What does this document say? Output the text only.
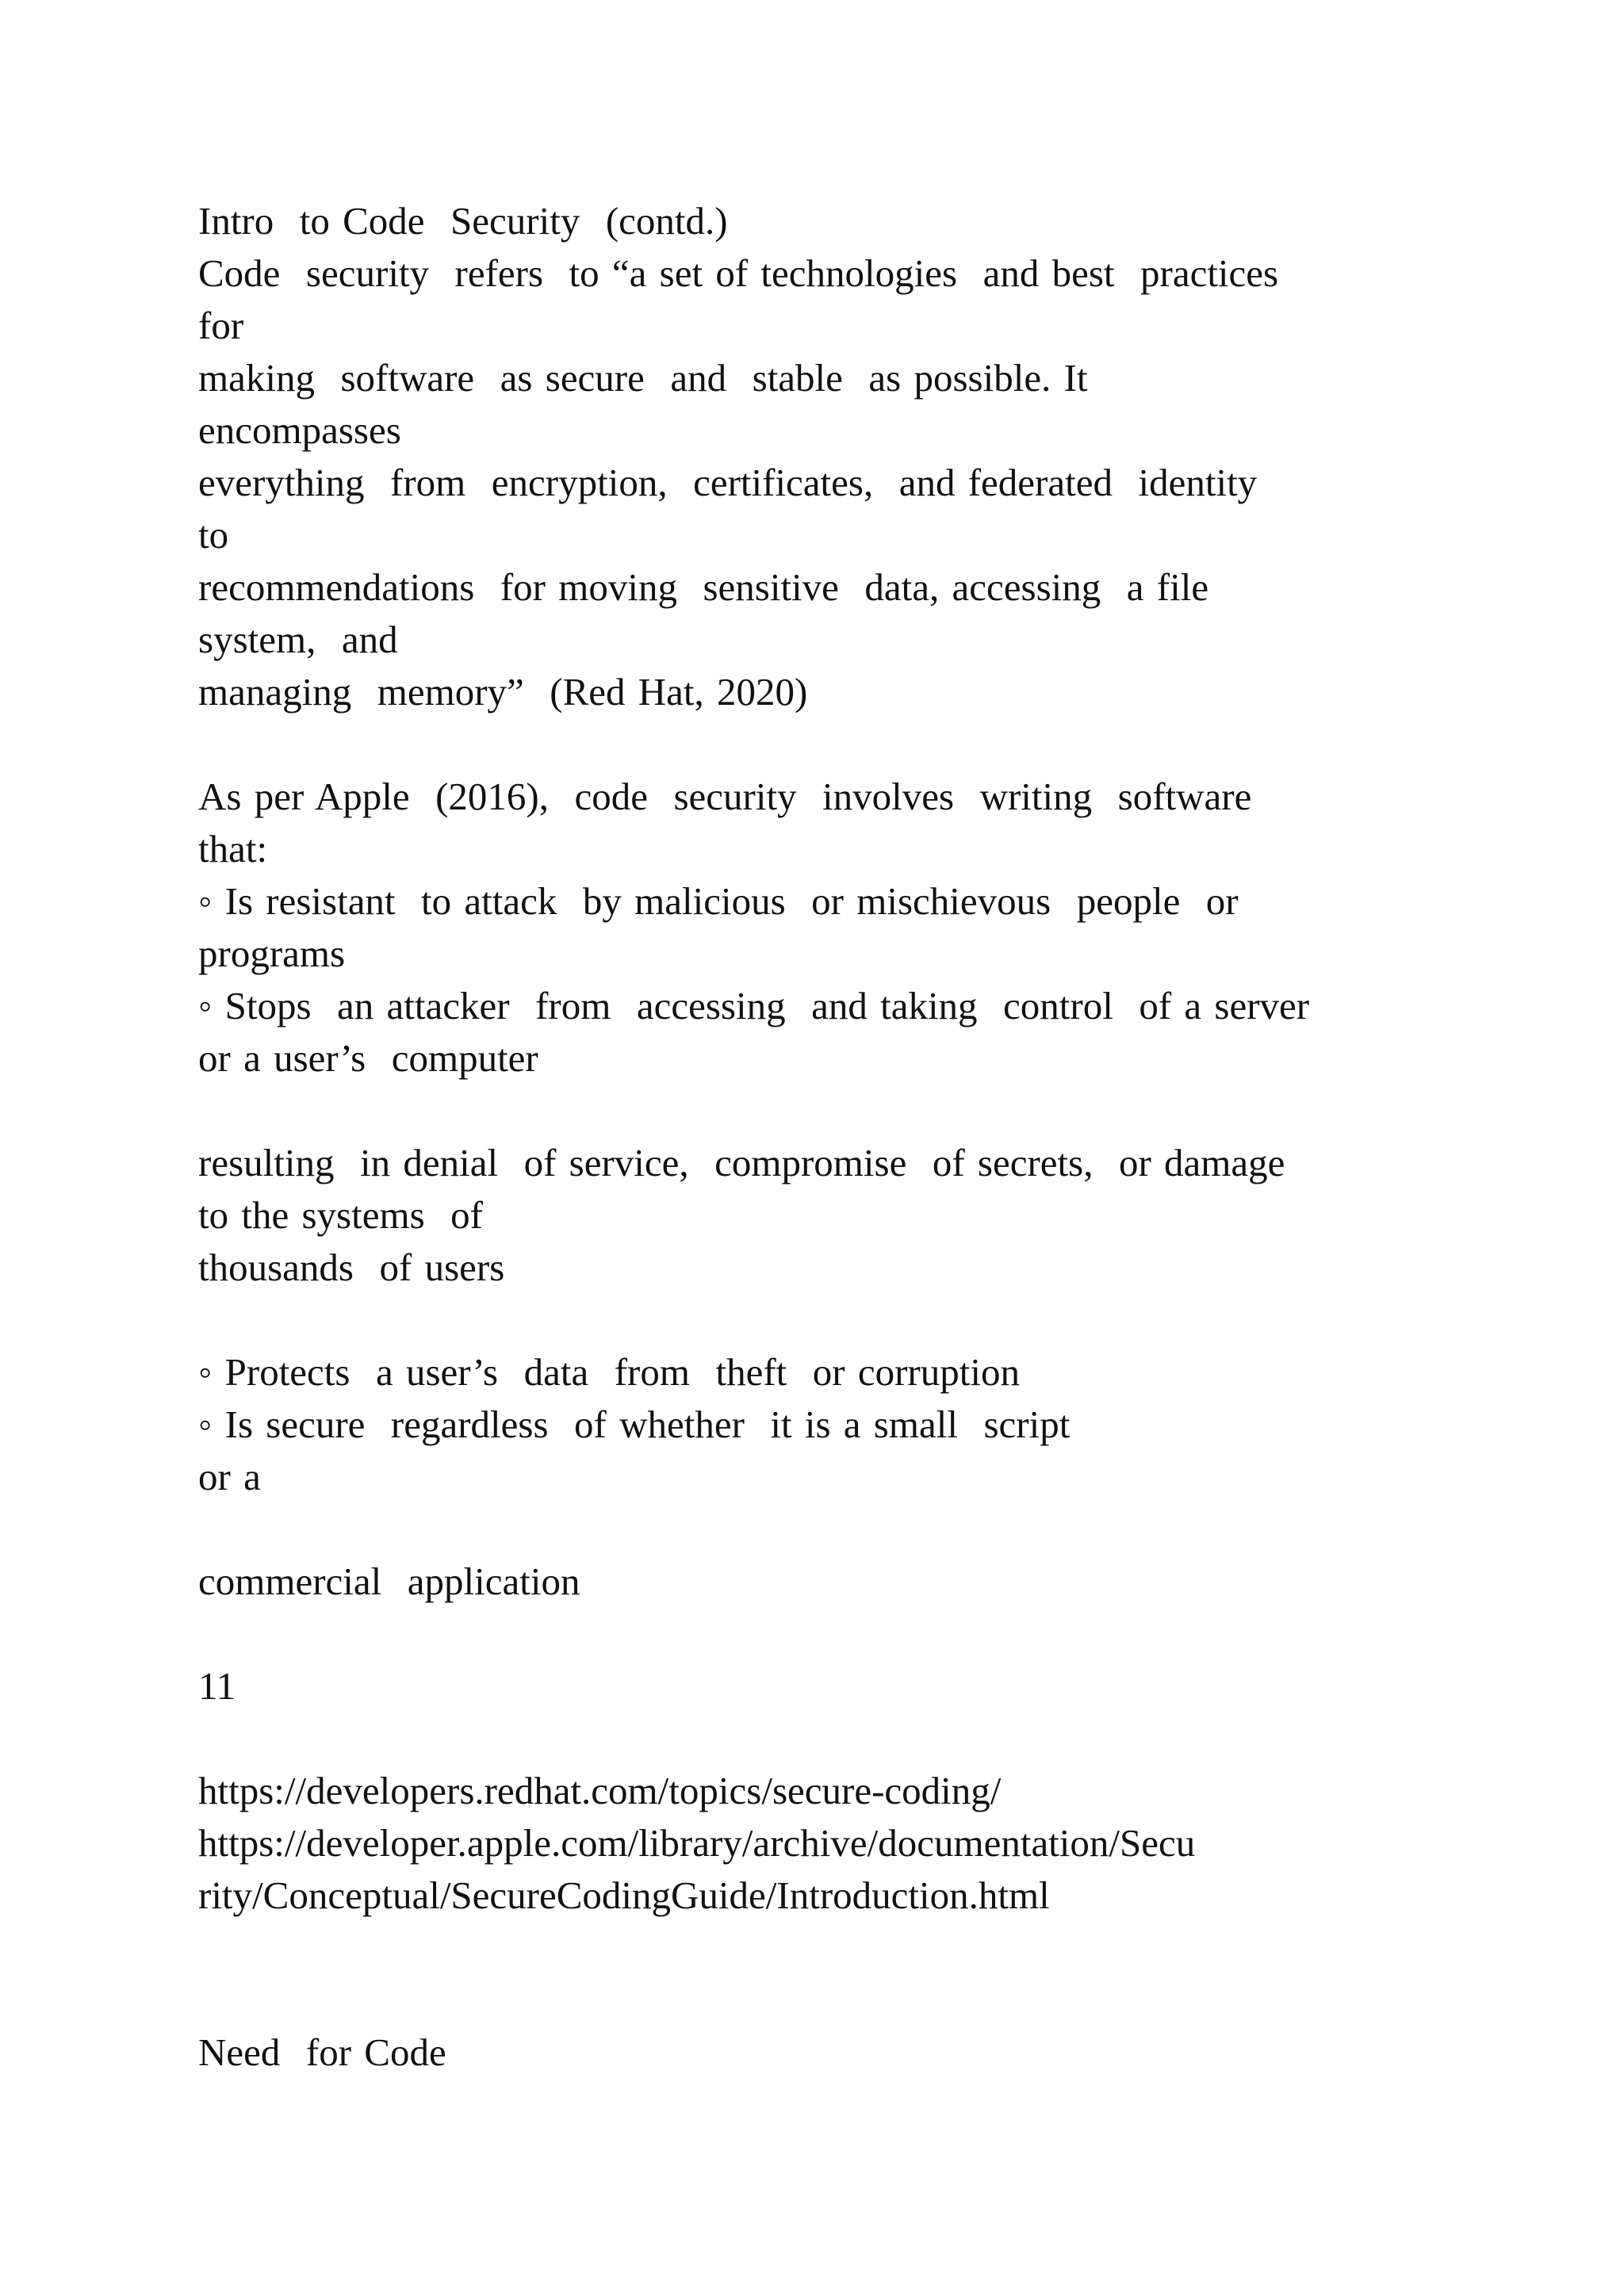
Intro  to Code  Security  (contd.)
Code  security  refers  to “a set of technologies  and best  practices
for
making  software  as secure  and  stable  as possible. It
encompasses
everything  from  encryption,  certificates,  and federated  identity
to
recommendations  for moving  sensitive  data, accessing  a file
system,  and
managing  memory”  (Red Hat, 2020)
As per Apple  (2016),  code  security  involves  writing  software
that:
◦ Is resistant  to attack  by malicious  or mischievous  people  or
programs
◦ Stops  an attacker  from  accessing  and taking  control  of a server
or a user’s  computer
resulting  in denial  of service,  compromise  of secrets,  or damage
to the systems  of
thousands  of users
◦ Protects  a user’s  data  from  theft  or corruption
◦ Is secure  regardless  of whether  it is a small  script
or a
commercial  application
11
https://developers.redhat.com/topics/secure-coding/
https://developer.apple.com/library/archive/documentation/Secu
rity/Conceptual/SecureCodingGuide/Introduction.html
Need  for Code
